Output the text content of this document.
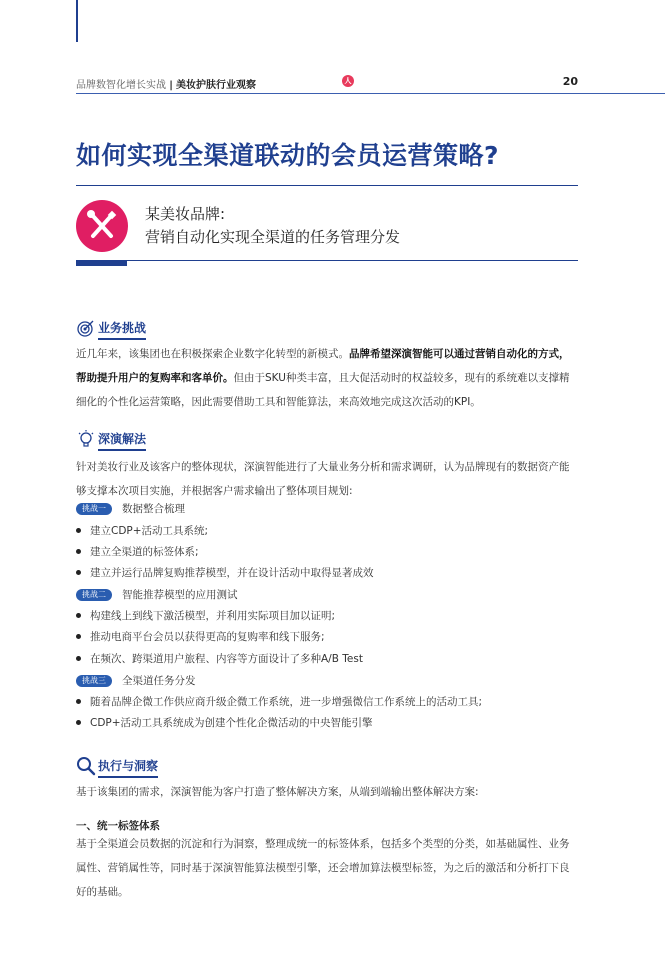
品牌数智化增长实战 | 美妆护肤行业观察	人	20
如何实现全渠道联动的会员运营策略?
某美妆品牌:
营销自动化实现全渠道的任务管理分发
业务挑战
近几年来，该集团也在积极探索企业数字化转型的新模式。品牌希望深演智能可以通过营销自动化的方式，帮助提升用户的复购率和客单价。但由于SKU种类丰富，且大促活动时的权益较多，现有的系统难以支撑精细化的个性化运营策略，因此需要借助工具和智能算法，来高效地完成这次活动的KPI。
深演解法
针对美妆行业及该客户的整体现状，深演智能进行了大量业务分析和需求调研，认为品牌现有的数据资产能够支撑本次项目实施，并根据客户需求输出了整体项目规划:
挑战一 数据整合梳理
建立CDP+活动工具系统;
建立全渠道的标签体系;
建立并运行品牌复购推荐模型，并在设计活动中取得显著成效
挑战二 智能推荐模型的应用测试
构建线上到线下激活模型，并利用实际项目加以证明;
推动电商平台会员以获得更高的复购率和线下服务;
在频次、跨渠道用户旅程、内容等方面设计了多种A/B Test
挑战三 全渠道任务分发
随着品牌企微工作供应商升级企微工作系统，进一步增强微信工作系统上的活动工具;
CDP+活动工具系统成为创建个性化企微活动的中央智能引擎
执行与洞察
基于该集团的需求，深演智能为客户打造了整体解决方案，从端到端输出整体解决方案:
一、统一标签体系
基于全渠道会员数据的沉淀和行为洞察，整理成统一的标签体系，包括多个类型的分类，如基础属性、业务属性、营销属性等，同时基于深演智能算法模型引擎，还会增加算法模型标签，为之后的激活和分析打下良好的基础。
